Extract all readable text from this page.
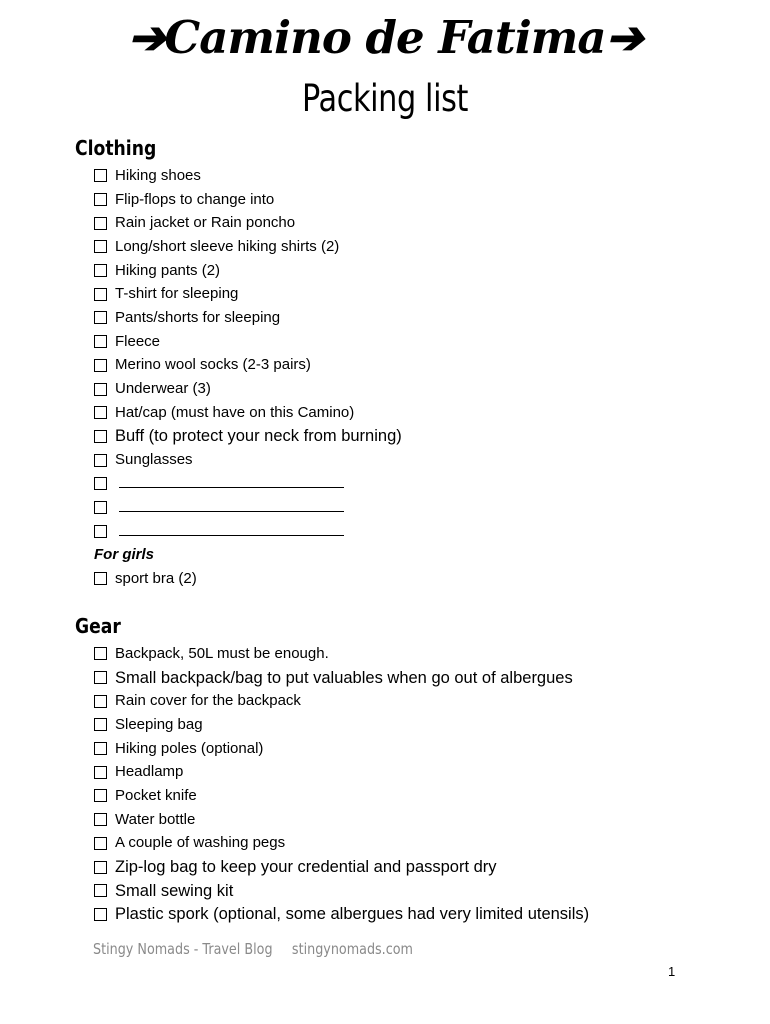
➔Camino de Fatima➔
Packing list
Clothing
Hiking shoes
Flip-flops to change into
Rain jacket or Rain poncho
Long/short sleeve hiking shirts (2)
Hiking pants (2)
T-shirt for sleeping
Pants/shorts for sleeping
Fleece
Merino wool socks (2-3 pairs)
Underwear (3)
Hat/cap (must have on this Camino)
Buff (to protect your neck from burning)
Sunglasses
For girls
sport bra (2)
Gear
Backpack, 50L must be enough.
Small backpack/bag to put valuables when go out of albergues
Rain cover for the backpack
Sleeping bag
Hiking poles (optional)
Headlamp
Pocket knife
Water bottle
A couple of washing pegs
Zip-log bag to keep your credential and passport dry
Small sewing kit
Plastic spork (optional, some albergues had very limited utensils)
Stingy Nomads - Travel Blog stingynomads.com
1
